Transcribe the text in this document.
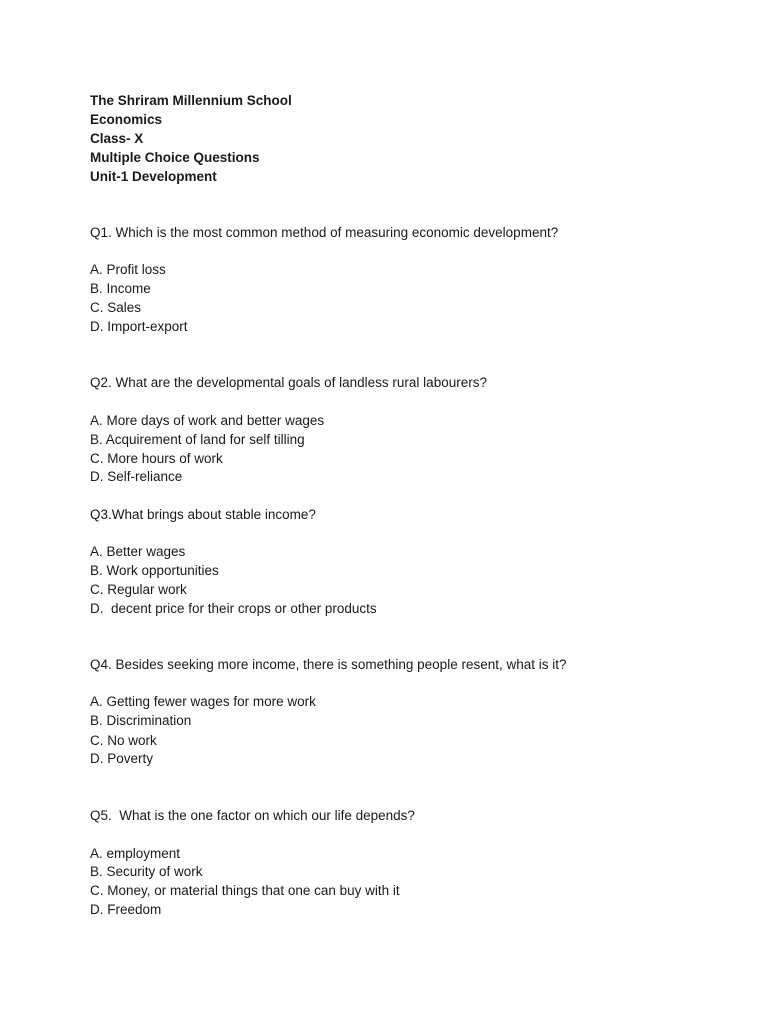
The Shriram Millennium School
Economics
Class- X
Multiple Choice Questions
Unit-1 Development
Q1. Which is the most common method of measuring economic development?
A. Profit loss
B. Income
C. Sales
D. Import-export
Q2. What are the developmental goals of landless rural labourers?
A. More days of work and better wages
B. Acquirement of land for self tilling
C. More hours of work
D. Self-reliance
Q3.What brings about stable income?
A. Better wages
B. Work opportunities
C. Regular work
D.  decent price for their crops or other products
Q4. Besides seeking more income, there is something people resent, what is it?
A. Getting fewer wages for more work
B. Discrimination
C. No work
D. Poverty
Q5.  What is the one factor on which our life depends?
A. employment
B. Security of work
C. Money, or material things that one can buy with it
D. Freedom
